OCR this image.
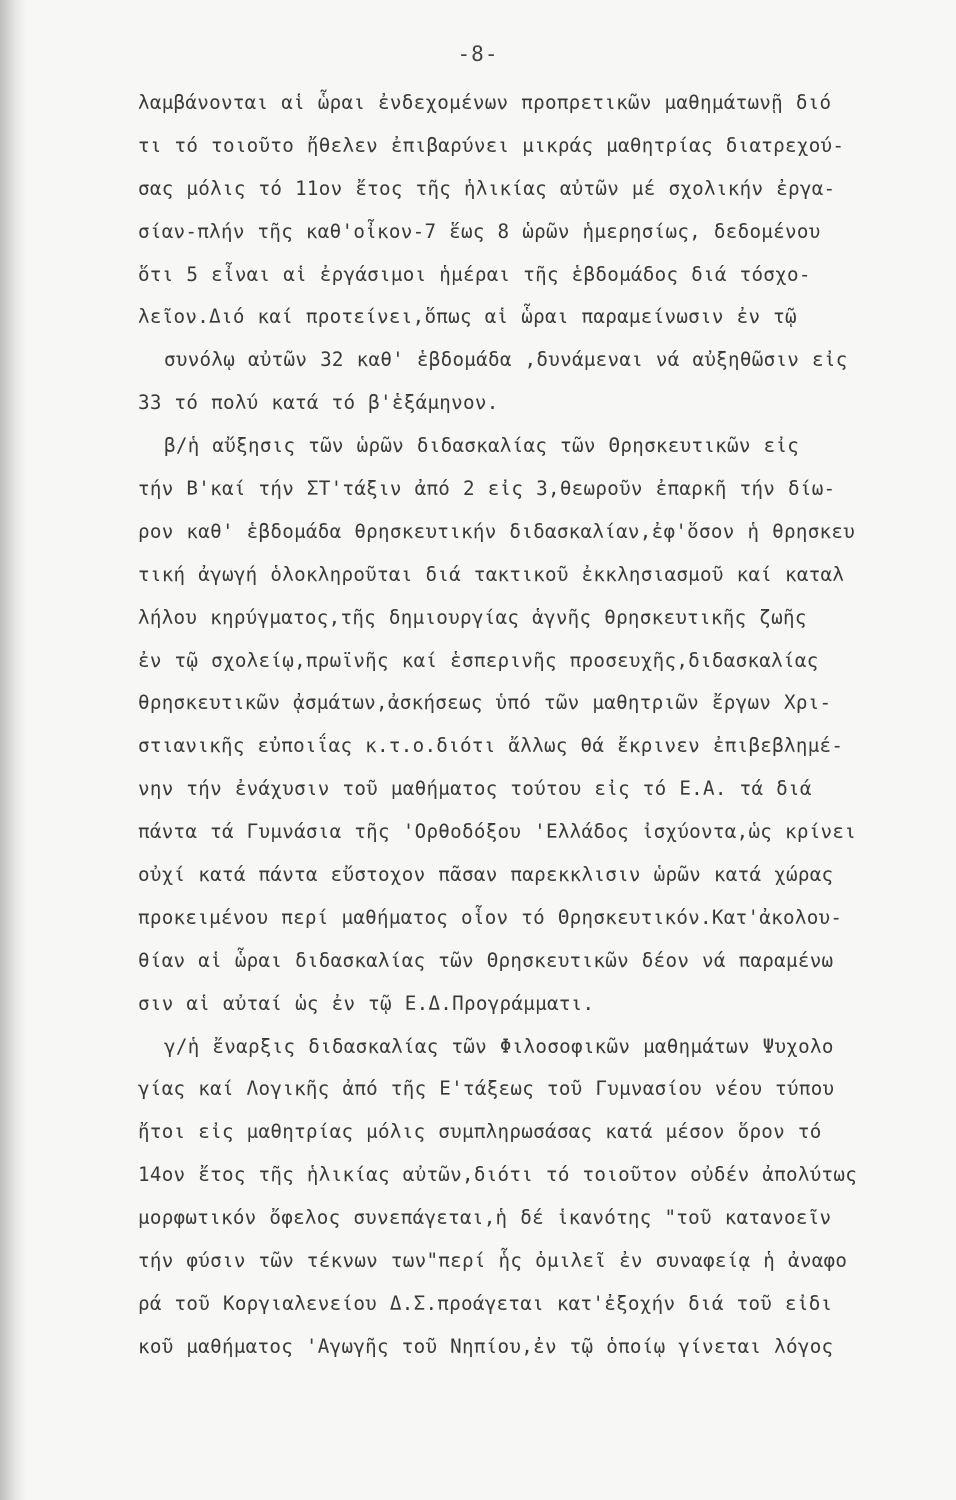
-8-
λαμβάνονται αἱ ὧραι ἐνδεχομένων προπρετικῶν μαθημάτωνῇ διό
τι τό τοιοῦτο ἤθελεν ἐπιβαρύνει μικράς μαθητρίας διατρεχού-
σας μόλις τό 11ον ἔτος τῆς ἡλικίας αὐτῶν μέ σχολικήν ἐργα-
σίαν-πλήν τῆς καθ'οἶκον-7 ἕως 8 ὡρῶν ἡμερησίως, δεδομένου
ὅτι 5 εἶναι αἱ ἐργάσιμοι ἡμέραι τῆς ἑβδομάδος διά τόσχο-
λεῖον.Διό καί προτείνει,ὅπως αἱ ὧραι παραμείνωσιν ἐν τῷ
συνόλῳ αὐτῶν 32 καθ' ἑβδομάδα ,δυνάμεναι νά αὐξηθῶσιν εἰς
33 τό πολύ κατά τό β'ἑξάμηνον.
β/ἡ αὔξησις τῶν ὡρῶν διδασκαλίας τῶν Θρησκευτικῶν εἰς
τήν Β'καί τήν ΣΤ'τάξιν ἀπό 2 εἰς 3,θεωροῦν ἐπαρκῆ τήν δίω-
ρον καθ' ἑβδομάδα θρησκευτικήν διδασκαλίαν,ἐφ'ὅσον ἡ θρησκευ
τική ἀγωγή ὁλοκληροῦται διά τακτικοῦ ἐκκλησιασμοῦ καί καταλ
λήλου κηρύγματος,τῆς δημιουργίας ἁγνῆς θρησκευτικῆς ζωῆς
ἐν τῷ σχολείῳ,πρωϊνῆς καί ἑσπερινῆς προσευχῆς,διδασκαλίας
θρησκευτικῶν ᾀσμάτων,ἀσκήσεως ὑπό τῶν μαθητριῶν ἔργων Χρι-
στιανικῆς εὐποιΐας κ.τ.ο.διότι ἄλλως θά ἔκρινεν ἐπιβεβλημέ-
νην τήν ἐνάχυσιν τοῦ μαθήματος τούτου εἰς τό Ε.Α. τά διά
πάντα τά Γυμνάσια τῆς 'Ορθοδόξου 'Ελλάδος ἰσχύοντα,ὡς κρίνει
οὐχί κατά πάντα εὔστοχον πᾶσαν παρεκκλισιν ὡρῶν κατά χώρας
προκειμένου περί μαθήματος οἷον τό Θρησκευτικόν.Κατ'ἀκολου-
θίαν αἱ ὧραι διδασκαλίας τῶν Θρησκευτικῶν δέον νά παραμένω
σιν αἱ αὐταί ὡς ἐν τῷ Ε.Δ.Προγράμματι.
γ/ἡ ἔναρξις διδασκαλίας τῶν Φιλοσοφικῶν μαθημάτων Ψυχολο
γίας καί Λογικῆς ἀπό τῆς Ε'τάξεως τοῦ Γυμνασίου νέου τύπου
ἤτοι εἰς μαθητρίας μόλις συμπληρωσάσας κατά μέσον ὅρον τό
14ον ἔτος τῆς ἡλικίας αὐτῶν,διότι τό τοιοῦτον οὐδέν ἀπολύτως
μορφωτικόν ὄφελος συνεπάγεται,ἡ δέ ἱκανότης "τοῦ κατανοεῖν
τήν φύσιν τῶν τέκνων των"περί ἧς ὁμιλεῖ ἐν συναφείᾳ ἡ ἀναφο
ρά τοῦ Κοργιαλενείου Δ.Σ.προάγεται κατ'ἐξοχήν διά τοῦ εἰδι
κοῦ μαθήματος 'Αγωγῆς τοῦ Νηπίου,ἐν τῷ ὁποίῳ γίνεται λόγος
